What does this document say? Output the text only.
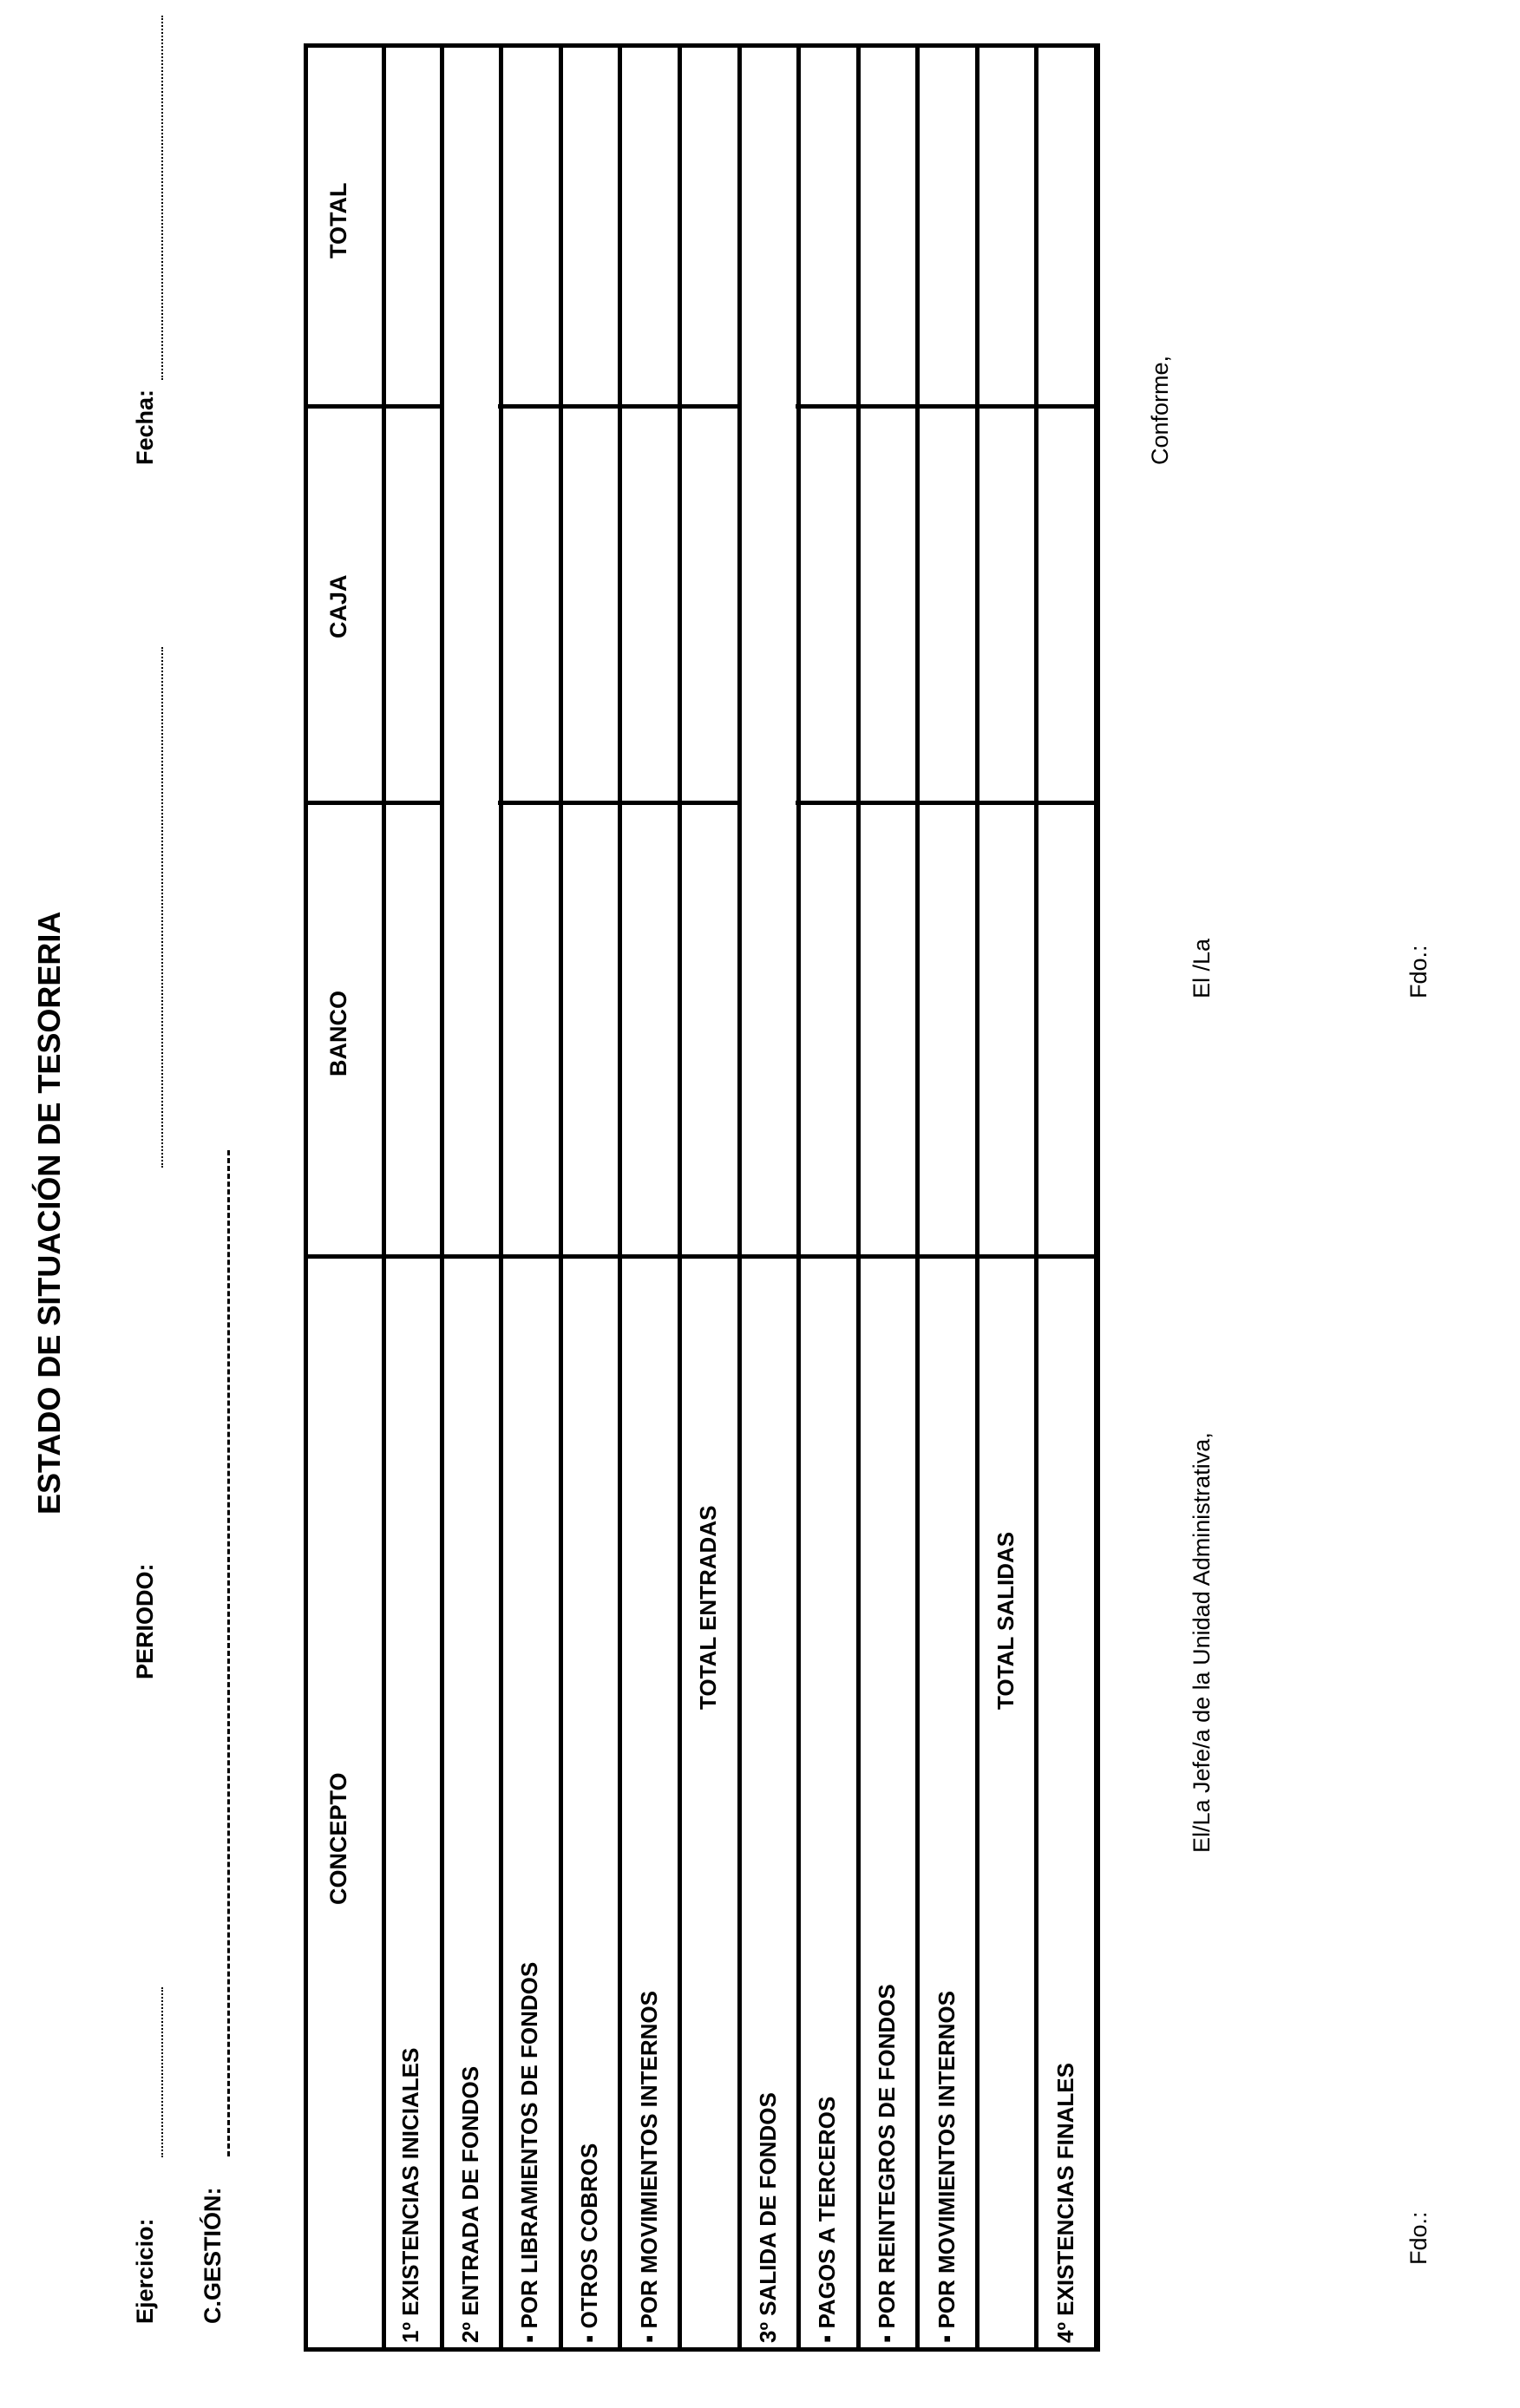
ESTADO DE SITUACIÓN DE TESORERIA
Ejercicio:
PERIODO:
Fecha:
C.GESTIÓN:
CONCEPTO
BANCO
CAJA
TOTAL
1º EXISTENCIAS INICIALES 2º ENTRADA DE FONDOS ▪ POR LIBRAMIENTOS DE FONDOS ▪ OTROS COBROS ▪ POR MOVIMIENTOS INTERNOS
TOTAL ENTRADAS
3º SALIDA DE FONDOS ▪ PAGOS A TERCEROS ▪ POR REINTEGROS DE FONDOS ▪ POR MOVIMIENTOS INTERNOS
TOTAL SALIDAS
4º EXISTENCIAS FINALES
El/La Jefe/a de la Unidad Administrativa,
El /La
Conforme,
Fdo.:
Fdo.:
